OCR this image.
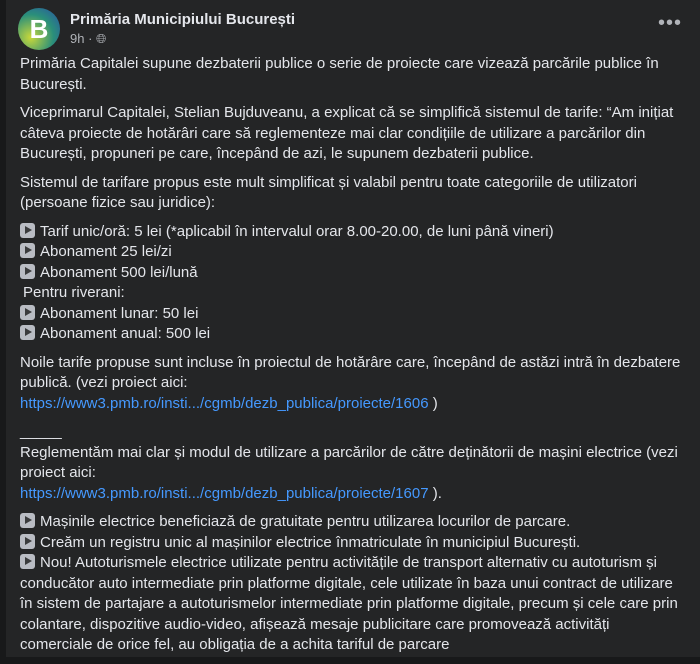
B Primăria Municipiului București
9h · 🌐︎
•••

Primăria Capitalei supune dezbaterii publice o serie de proiecte care vizează parcările publice în București.

Viceprimarul Capitalei, Stelian Bujduveanu, a explicat că se simplifică sistemul de tarife: “Am inițiat câteva proiecte de hotărâri care să reglementeze mai clar condițiile de utilizare a parcărilor din București, propuneri pe care, începând de azi, le supunem dezbaterii publice.

Sistemul de tarifare propus este mult simplificat și valabil pentru toate categoriile de utilizatori (persoane fizice sau juridice):

Tarif unic/oră: 5 lei (*aplicabil în intervalul orar 8.00-20.00, de luni până vineri)
Abonament 25 lei/zi
Abonament 500 lei/lună
Pentru riverani:
Abonament lunar: 50 lei
Abonament anual: 500 lei

Noile tarife propuse sunt incluse în proiectul de hotărâre care, începând de astăzi intră în dezbatere publică. (vezi proiect aici:
https://www3.pmb.ro/insti.../cgmb/dezb_publica/proiecte/1606 )

_____

Reglementăm mai clar și modul de utilizare a parcărilor de către deținătorii de mașini electrice (vezi proiect aici:
https://www3.pmb.ro/insti.../cgmb/dezb_publica/proiecte/1607 ).

Mașinile electrice beneficiază de gratuitate pentru utilizarea locurilor de parcare.
Creăm un registru unic al mașinilor electrice înmatriculate în municipiul București.
Nou! Autoturismele electrice utilizate pentru activitățile de transport alternativ cu autoturism și conducător auto intermediate prin platforme digitale, cele utilizate în baza unui contract de utilizare în sistem de partajare a autoturismelor intermediate prin platforme digitale, precum și cele care prin colantare, dispozitive audio-video, afișează mesaje publicitare care promovează activități comerciale de orice fel, au obligația de a achita tariful de parcare
